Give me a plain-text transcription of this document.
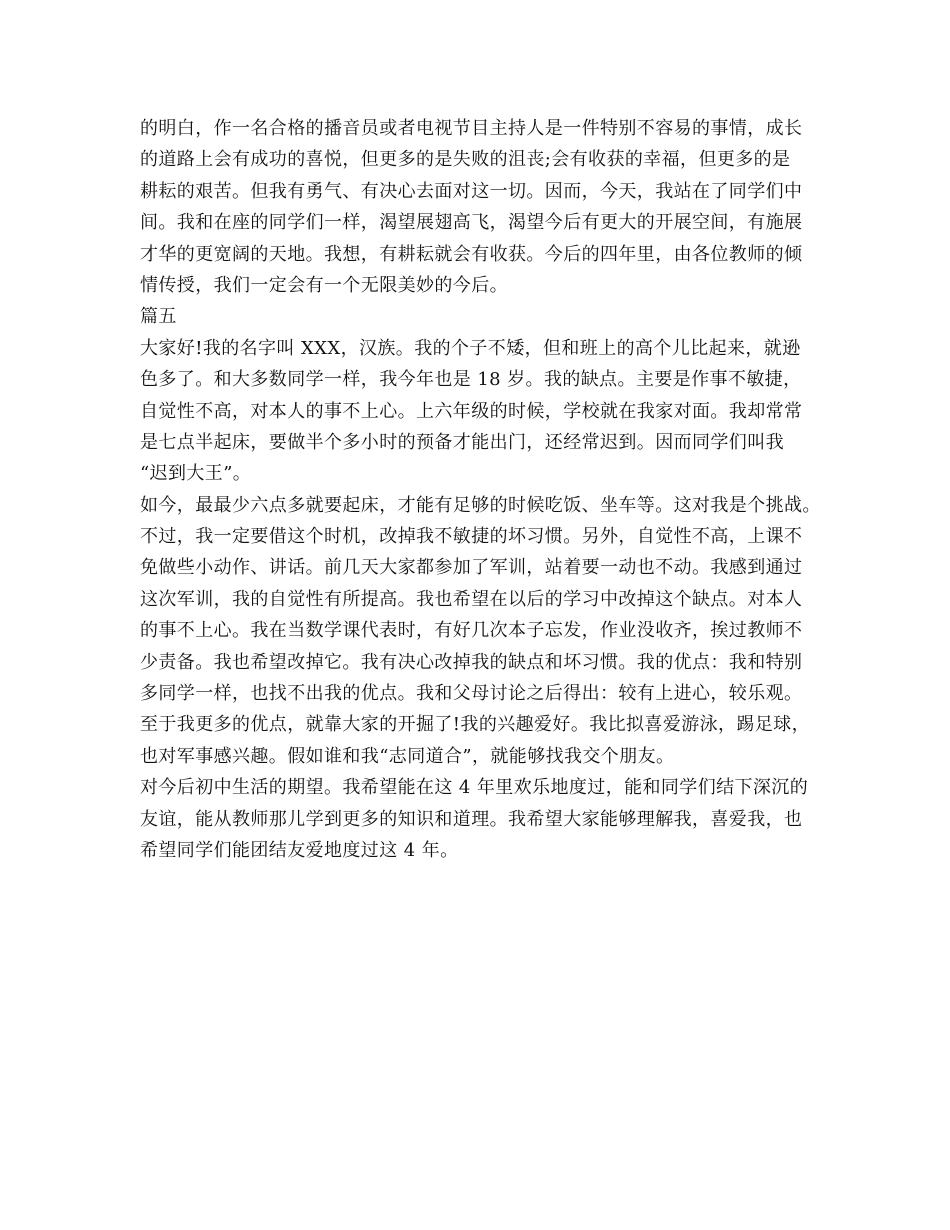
的明白，作一名合格的播音员或者电视节目主持人是一件特别不容易的事情，成长
的道路上会有成功的喜悦，但更多的是失败的沮丧;会有收获的幸福，但更多的是
耕耘的艰苦。但我有勇气、有决心去面对这一切。因而，今天，我站在了同学们中
间。我和在座的同学们一样，渴望展翅高飞，渴望今后有更大的开展空间，有施展
才华的更宽阔的天地。我想，有耕耘就会有收获。今后的四年里，由各位教师的倾
情传授，我们一定会有一个无限美妙的今后。
篇五
大家好!我的名字叫 XXX，汉族。我的个子不矮，但和班上的高个儿比起来，就逊
色多了。和大多数同学一样，我今年也是 18 岁。我的缺点。主要是作事不敏捷，
自觉性不高，对本人的事不上心。上六年级的时候，学校就在我家对面。我却常常
是七点半起床，要做半个多小时的预备才能出门，还经常迟到。因而同学们叫我
“迟到大王”。
如今，最最少六点多就要起床，才能有足够的时候吃饭、坐车等。这对我是个挑战。
不过，我一定要借这个时机，改掉我不敏捷的坏习惯。另外，自觉性不高，上课不
免做些小动作、讲话。前几天大家都参加了军训，站着要一动也不动。我感到通过
这次军训，我的自觉性有所提高。我也希望在以后的学习中改掉这个缺点。对本人
的事不上心。我在当数学课代表时，有好几次本子忘发，作业没收齐，挨过教师不
少责备。我也希望改掉它。我有决心改掉我的缺点和坏习惯。我的优点：我和特别
多同学一样，也找不出我的优点。我和父母讨论之后得出：较有上进心，较乐观。
至于我更多的优点，就靠大家的开掘了!我的兴趣爱好。我比拟喜爱游泳，踢足球，
也对军事感兴趣。假如谁和我“志同道合”，就能够找我交个朋友。
对今后初中生活的期望。我希望能在这 4 年里欢乐地度过，能和同学们结下深沉的
友谊，能从教师那儿学到更多的知识和道理。我希望大家能够理解我，喜爱我，也
希望同学们能团结友爱地度过这 4 年。
